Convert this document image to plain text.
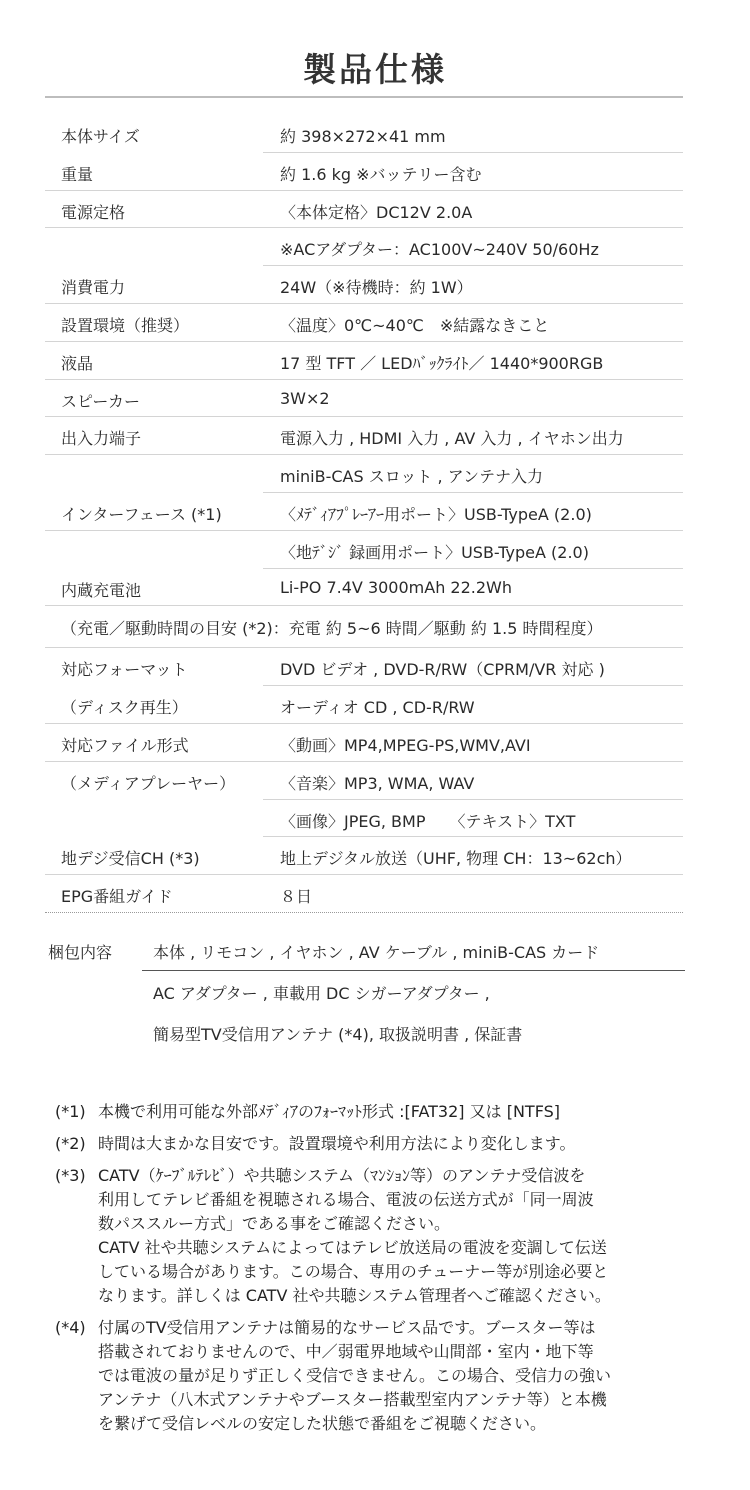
製品仕様
本体サイズ	約 398×272×41 mm
重量	約 1.6 kg ※バッテリー含む
電源定格	〈本体定格〉DC12V 2.0A
※ACアダプター：AC100V~240V 50/60Hz
消費電力	24W（※待機時：約 1W）
設置環境（推奨）	〈温度〉0℃~40℃　※結露なきこと
液晶	17 型 TFT ／ LEDﾊﾞｯｸﾗｲﾄ／ 1440*900RGB
スピーカー	3W×2
出入力端子	電源入力 , HDMI 入力 , AV 入力 , イヤホン出力
miniB-CAS スロット , アンテナ入力
インターフェース (*1)	〈ﾒﾃﾞｨｱﾌﾟﾚｰｱｰ用ポート〉USB-TypeA (2.0)
〈地ﾃﾞｼﾞ 録画用ポート〉USB-TypeA (2.0)
内蔵充電池	Li-PO 7.4V 3000mAh 22.2Wh
（充電／駆動時間の目安 (*2)：充電 約 5~6 時間／駆動 約 1.5 時間程度）
対応フォーマット	DVD ビデオ , DVD-R/RW（CPRM/VR 対応 )
（ディスク再生）	オーディオ CD , CD-R/RW
対応ファイル形式	〈動画〉MP4,MPEG-PS,WMV,AVI
（メディアプレーヤー）	〈音楽〉MP3, WMA, WAV
〈画像〉JPEG, BMP　　〈テキスト〉TXT
地デジ受信CH (*3)	地上デジタル放送（UHF, 物理 CH：13~62ch）
EPG番組ガイド	８日
梱包内容	本体 , リモコン , イヤホン , AV ケーブル , miniB-CAS カード
AC アダプター , 車載用 DC シガーアダプター ,
簡易型TV受信用アンテナ (*4), 取扱説明書 , 保証書
(*1) 本機で利用可能な外部ﾒﾃﾞｨｱのﾌｫｰﾏｯﾄ形式 :[FAT32] 又は [NTFS]
(*2) 時間は大まかな目安です。設置環境や利用方法により変化します。
(*3) CATV（ｹｰﾌﾞﾙﾃﾚﾋﾞ）や共聴システム（ﾏﾝｼｮﾝ等）のアンテナ受信波を
利用してテレビ番組を視聴される場合、電波の伝送方式が「同一周波
数パススルー方式」である事をご確認ください。
CATV 社や共聴システムによってはテレビ放送局の電波を変調して伝送
している場合があります。この場合、専用のチューナー等が別途必要と
なります。詳しくは CATV 社や共聴システム管理者へご確認ください。
(*4) 付属のTV受信用アンテナは簡易的なサービス品です。ブースター等は
搭載されておりませんので、中／弱電界地域や山間部・室内・地下等
では電波の量が足りず正しく受信できません。この場合、受信力の強い
アンテナ（八木式アンテナやブースター搭載型室内アンテナ等）と本機
を繋げて受信レベルの安定した状態で番組をご視聴ください。
